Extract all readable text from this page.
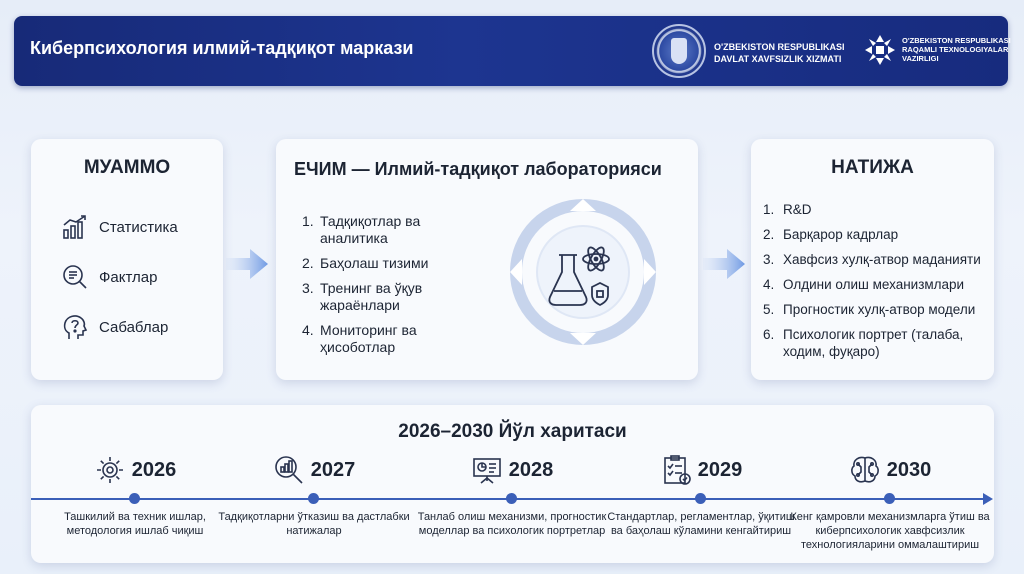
Киберпсихология илмий-тадқиқот маркази	O'ZBEKISTON RESPUBLIKASI DAVLAT XAVFSIZLIK XIZMATI
O'ZBEKISTON RESPUBLIKASI RAQAMLI TEXNOLOGIYALAR VAZIRLIGI
МУАММО
Статистика
Фактлар
Сабаблар
ЕЧИМ — Илмий-тадқиқот лабораторияси
1. Тадқиқотлар ва аналитика
2. Баҳолаш тизими
3. Тренинг ва ўқув жараёнлари
4. Мониторинг ва ҳисоботлар
НАТИЖА
1. R&D
2. Барқарор кадрлар
3. Хавфсиз хулқ-атвор маданияти
4. Олдини олиш механизмлари
5. Прогностик хулқ-атвор модели
6. Психологик портрет (талаба, ходим, фуқаро)
2026–2030 Йўл харитаси
2026
Ташкилий ва техник ишлар, методология ишлаб чиқиш
2027
Тадқиқотларни ўтказиш ва дастлабки натижалар
2028
Танлаб олиш механизми, прогностик моделлар ва психологик портретлар
2029
Стандартлар, регламентлар, ўқитиш ва баҳолаш кўламини кенгайтириш
2030
Кенг қамровли механизмларга ўтиш ва киберпсихологик хавфсизлик технологияларини оммалаштириш
